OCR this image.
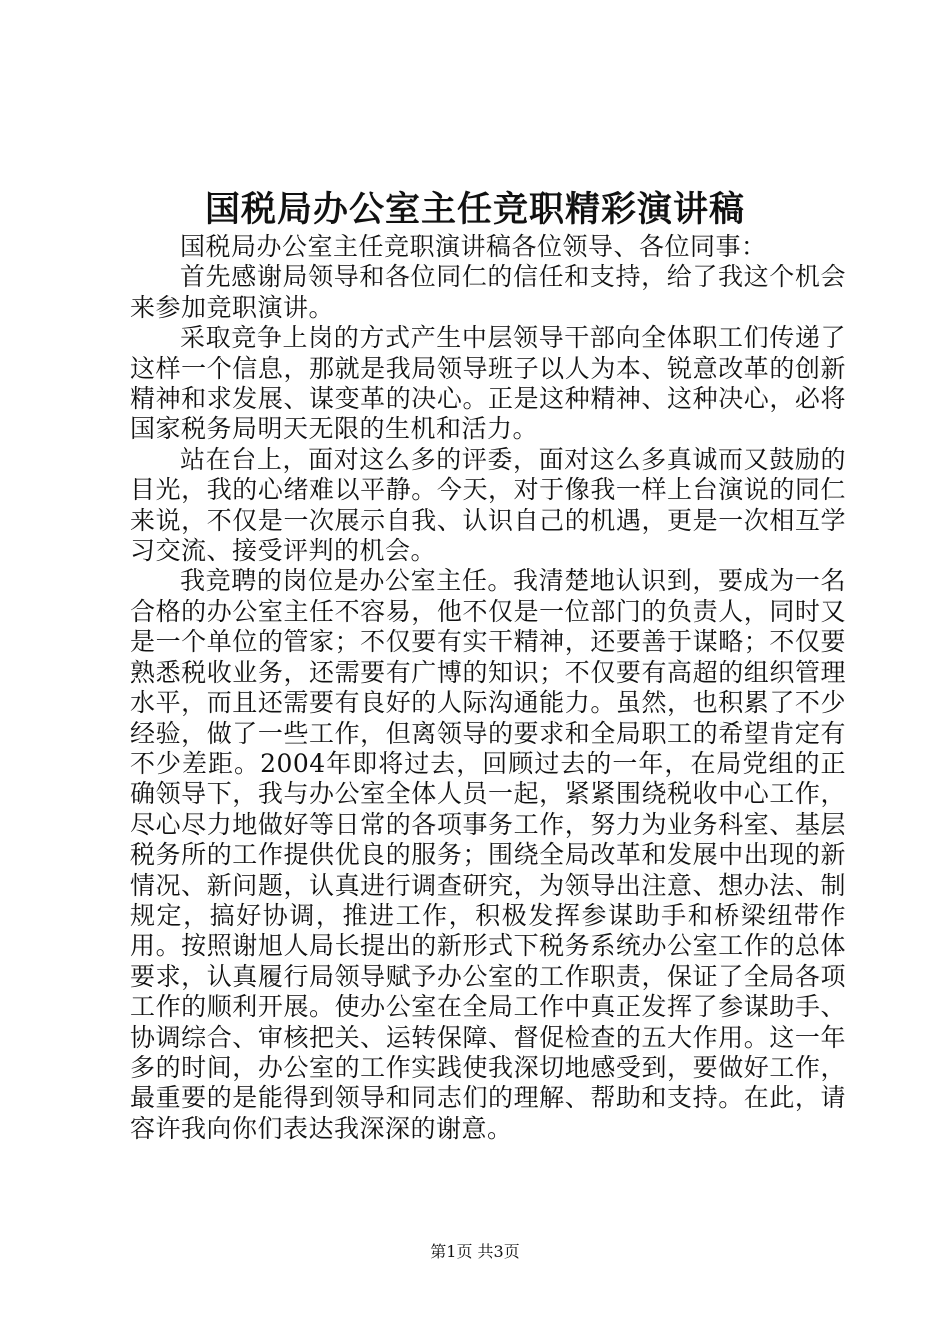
国税局办公室主任竞职精彩演讲稿

国税局办公室主任竞职演讲稿各位领导、各位同事：

首先感谢局领导和各位同仁的信任和支持，给了我这个机会来参加竞职演讲。

采取竞争上岗的方式产生中层领导干部向全体职工们传递了这样一个信息，那就是我局领导班子以人为本、锐意改革的创新精神和求发展、谋变革的决心。正是这种精神、这种决心，必将国家税务局明天无限的生机和活力。

站在台上，面对这么多的评委，面对这么多真诚而又鼓励的目光，我的心绪难以平静。今天，对于像我一样上台演说的同仁来说，不仅是一次展示自我、认识自己的机遇，更是一次相互学习交流、接受评判的机会。

我竞聘的岗位是办公室主任。我清楚地认识到，要成为一名合格的办公室主任不容易，他不仅是一位部门的负责人，同时又是一个单位的管家；不仅要有实干精神，还要善于谋略；不仅要熟悉税收业务，还需要有广博的知识；不仅要有高超的组织管理水平，而且还需要有良好的人际沟通能力。虽然，也积累了不少经验，做了一些工作，但离领导的要求和全局职工的希望肯定有不少差距。2004年即将过去，回顾过去的一年，在局党组的正确领导下，我与办公室全体人员一起，紧紧围绕税收中心工作，尽心尽力地做好等日常的各项事务工作，努力为业务科室、基层税务所的工作提供优良的服务；围绕全局改革和发展中出现的新情况、新问题，认真进行调查研究，为领导出注意、想办法、制规定，搞好协调，推进工作，积极发挥参谋助手和桥梁纽带作用。按照谢旭人局长提出的新形式下税务系统办公室工作的总体要求，认真履行局领导赋予办公室的工作职责，保证了全局各项工作的顺利开展。使办公室在全局工作中真正发挥了参谋助手、协调综合、审核把关、运转保障、督促检查的五大作用。这一年多的时间，办公室的工作实践使我深切地感受到，要做好工作，最重要的是能得到领导和同志们的理解、帮助和支持。在此，请容许我向你们表达我深深的谢意。

第1页 共3页
